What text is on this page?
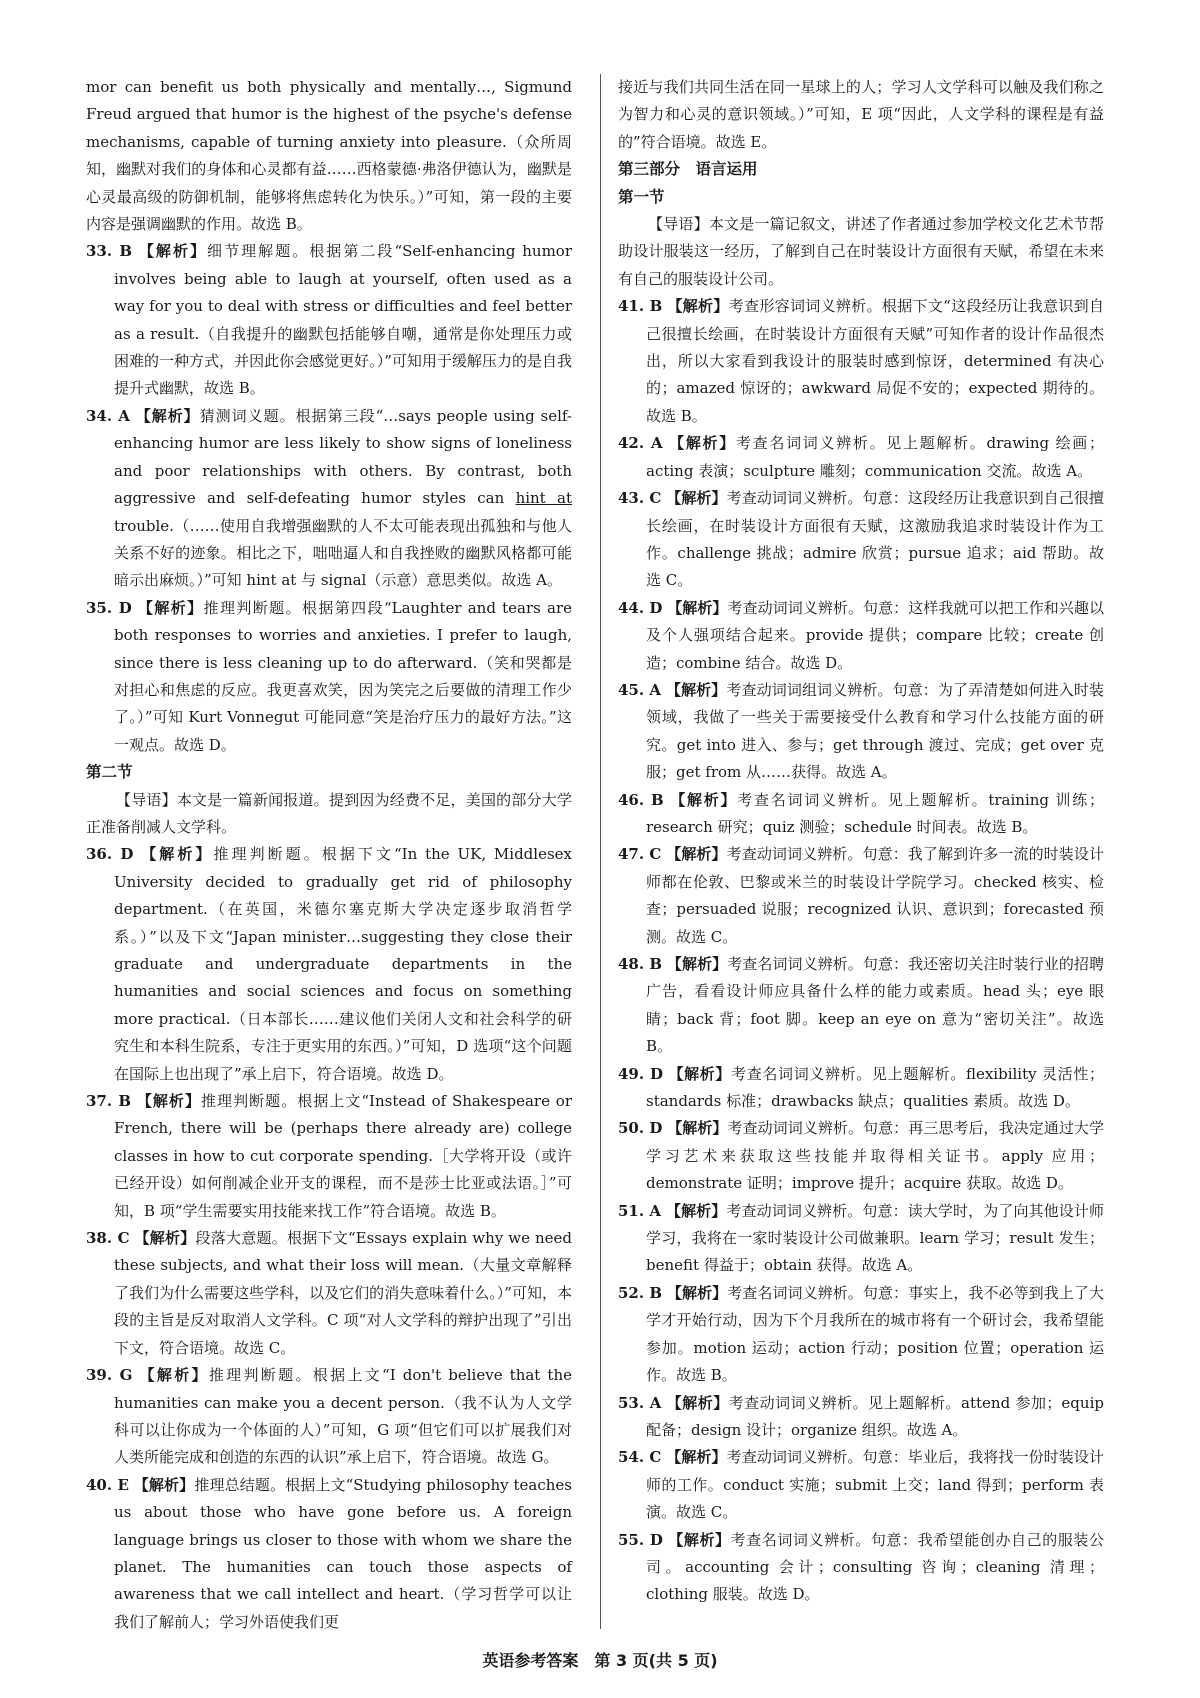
mor can benefit us both physically and mentally…, Sigmund Freud argued that humor is the highest of the psyche's defense mechanisms, capable of turning anxiety into pleasure.（众所周知，幽默对我们的身体和心灵都有益……西格蒙德·弗洛伊德认为，幽默是心灵最高级的防御机制，能够将焦虑转化为快乐。）”可知，第一段的主要内容是强调幽默的作用。故选 B。

33. B 【解析】细节理解题。根据第二段“Self-enhancing humor involves being able to laugh at yourself, often used as a way for you to deal with stress or difficulties and feel better as a result.（自我提升的幽默包括能够自嘲，通常是你处理压力或困难的一种方式，并因此你会感觉更好。）”可知用于缓解压力的是自我提升式幽默，故选 B。

34. A 【解析】猜测词义题。根据第三段“…says people using self-enhancing humor are less likely to show signs of loneliness and poor relationships with others. By contrast, both aggressive and self-defeating humor styles can hint at trouble.（……使用自我增强幽默的人不太可能表现出孤独和与他人关系不好的迹象。相比之下，咄咄逼人和自我挫败的幽默风格都可能暗示出麻烦。）”可知 hint at 与 signal（示意）意思类似。故选 A。

35. D 【解析】推理判断题。根据第四段“Laughter and tears are both responses to worries and anxieties. I prefer to laugh, since there is less cleaning up to do afterward.（笑和哭都是对担心和焦虑的反应。我更喜欢笑，因为笑完之后要做的清理工作少了。）”可知 Kurt Vonnegut 可能同意“笑是治疗压力的最好方法。”这一观点。故选 D。

第二节

【导语】本文是一篇新闻报道。提到因为经费不足，美国的部分大学正准备削减人文学科。

36. D 【解析】推理判断题。根据下文“In the UK, Middlesex University decided to gradually get rid of philosophy department.（在英国，米德尔塞克斯大学决定逐步取消哲学系。）”以及下文“Japan minister…suggesting they close their graduate and undergraduate departments in the humanities and social sciences and focus on something more practical.（日本部长……建议他们关闭人文和社会科学的研究生和本科生院系，专注于更实用的东西。）”可知，D 选项“这个问题在国际上也出现了”承上启下，符合语境。故选 D。

37. B 【解析】推理判断题。根据上文“Instead of Shakespeare or French, there will be (perhaps there already are) college classes in how to cut corporate spending.［大学将开设（或许已经开设）如何削减企业开支的课程，而不是莎士比亚或法语。］”可知，B 项“学生需要实用技能来找工作”符合语境。故选 B。

38. C 【解析】段落大意题。根据下文“Essays explain why we need these subjects, and what their loss will mean.（大量文章解释了我们为什么需要这些学科，以及它们的消失意味着什么。）”可知，本段的主旨是反对取消人文学科。C 项“对人文学科的辩护出现了”引出下文，符合语境。故选 C。

39. G 【解析】推理判断题。根据上文“I don't believe that the humanities can make you a decent person.（我不认为人文学科可以让你成为一个体面的人）”可知，G 项“但它们可以扩展我们对人类所能完成和创造的东西的认识”承上启下，符合语境。故选 G。

40. E 【解析】推理总结题。根据上文“Studying philosophy teaches us about those who have gone before us. A foreign language brings us closer to those with whom we share the planet. The humanities can touch those aspects of awareness that we call intellect and heart.（学习哲学可以让我们了解前人；学习外语使我们更

接近与我们共同生活在同一星球上的人；学习人文学科可以触及我们称之为智力和心灵的意识领域。）”可知，E 项“因此，人文学科的课程是有益的”符合语境。故选 E。

第三部分　语言运用

第一节

【导语】本文是一篇记叙文，讲述了作者通过参加学校文化艺术节帮助设计服装这一经历，了解到自己在时装设计方面很有天赋，希望在未来有自己的服装设计公司。

41. B 【解析】考查形容词词义辨析。根据下文“这段经历让我意识到自己很擅长绘画，在时装设计方面很有天赋”可知作者的设计作品很杰出，所以大家看到我设计的服装时感到惊讶，determined 有决心的；amazed 惊讶的；awkward 局促不安的；expected 期待的。故选 B。

42. A 【解析】考查名词词义辨析。见上题解析。drawing 绘画；acting 表演；sculpture 雕刻；communication 交流。故选 A。

43. C 【解析】考查动词词义辨析。句意：这段经历让我意识到自己很擅长绘画，在时装设计方面很有天赋，这激励我追求时装设计作为工作。challenge 挑战；admire 欣赏；pursue 追求；aid 帮助。故选 C。

44. D 【解析】考查动词词义辨析。句意：这样我就可以把工作和兴趣以及个人强项结合起来。provide 提供；compare 比较；create 创造；combine 结合。故选 D。

45. A 【解析】考查动词词组词义辨析。句意：为了弄清楚如何进入时装领域，我做了一些关于需要接受什么教育和学习什么技能方面的研究。get into 进入、参与；get through 渡过、完成；get over 克服；get from 从……获得。故选 A。

46. B 【解析】考查名词词义辨析。见上题解析。training 训练；research 研究；quiz 测验；schedule 时间表。故选 B。

47. C 【解析】考查动词词义辨析。句意：我了解到许多一流的时装设计师都在伦敦、巴黎或米兰的时装设计学院学习。checked 核实、检查；persuaded 说服；recognized 认识、意识到；forecasted 预测。故选 C。

48. B 【解析】考查名词词义辨析。句意：我还密切关注时装行业的招聘广告，看看设计师应具备什么样的能力或素质。head 头；eye 眼睛；back 背；foot 脚。keep an eye on 意为“密切关注”。故选 B。

49. D 【解析】考查名词词义辨析。见上题解析。flexibility 灵活性；standards 标准；drawbacks 缺点；qualities 素质。故选 D。

50. D 【解析】考查动词词义辨析。句意：再三思考后，我决定通过大学学习艺术来获取这些技能并取得相关证书。apply 应用；demonstrate 证明；improve 提升；acquire 获取。故选 D。

51. A 【解析】考查动词词义辨析。句意：读大学时，为了向其他设计师学习，我将在一家时装设计公司做兼职。learn 学习；result 发生；benefit 得益于；obtain 获得。故选 A。

52. B 【解析】考查名词词义辨析。句意：事实上，我不必等到我上了大学才开始行动，因为下个月我所在的城市将有一个研讨会，我希望能参加。motion 运动；action 行动；position 位置；operation 运作。故选 B。

53. A 【解析】考查动词词义辨析。见上题解析。attend 参加；equip 配备；design 设计；organize 组织。故选 A。

54. C 【解析】考查动词词义辨析。句意：毕业后，我将找一份时装设计师的工作。conduct 实施；submit 上交；land 得到；perform 表演。故选 C。

55. D 【解析】考查名词词义辨析。句意：我希望能创办自己的服装公司。accounting 会计；consulting 咨询；cleaning 清理；clothing 服装。故选 D。

英语参考答案　第 3 页(共 5 页)
